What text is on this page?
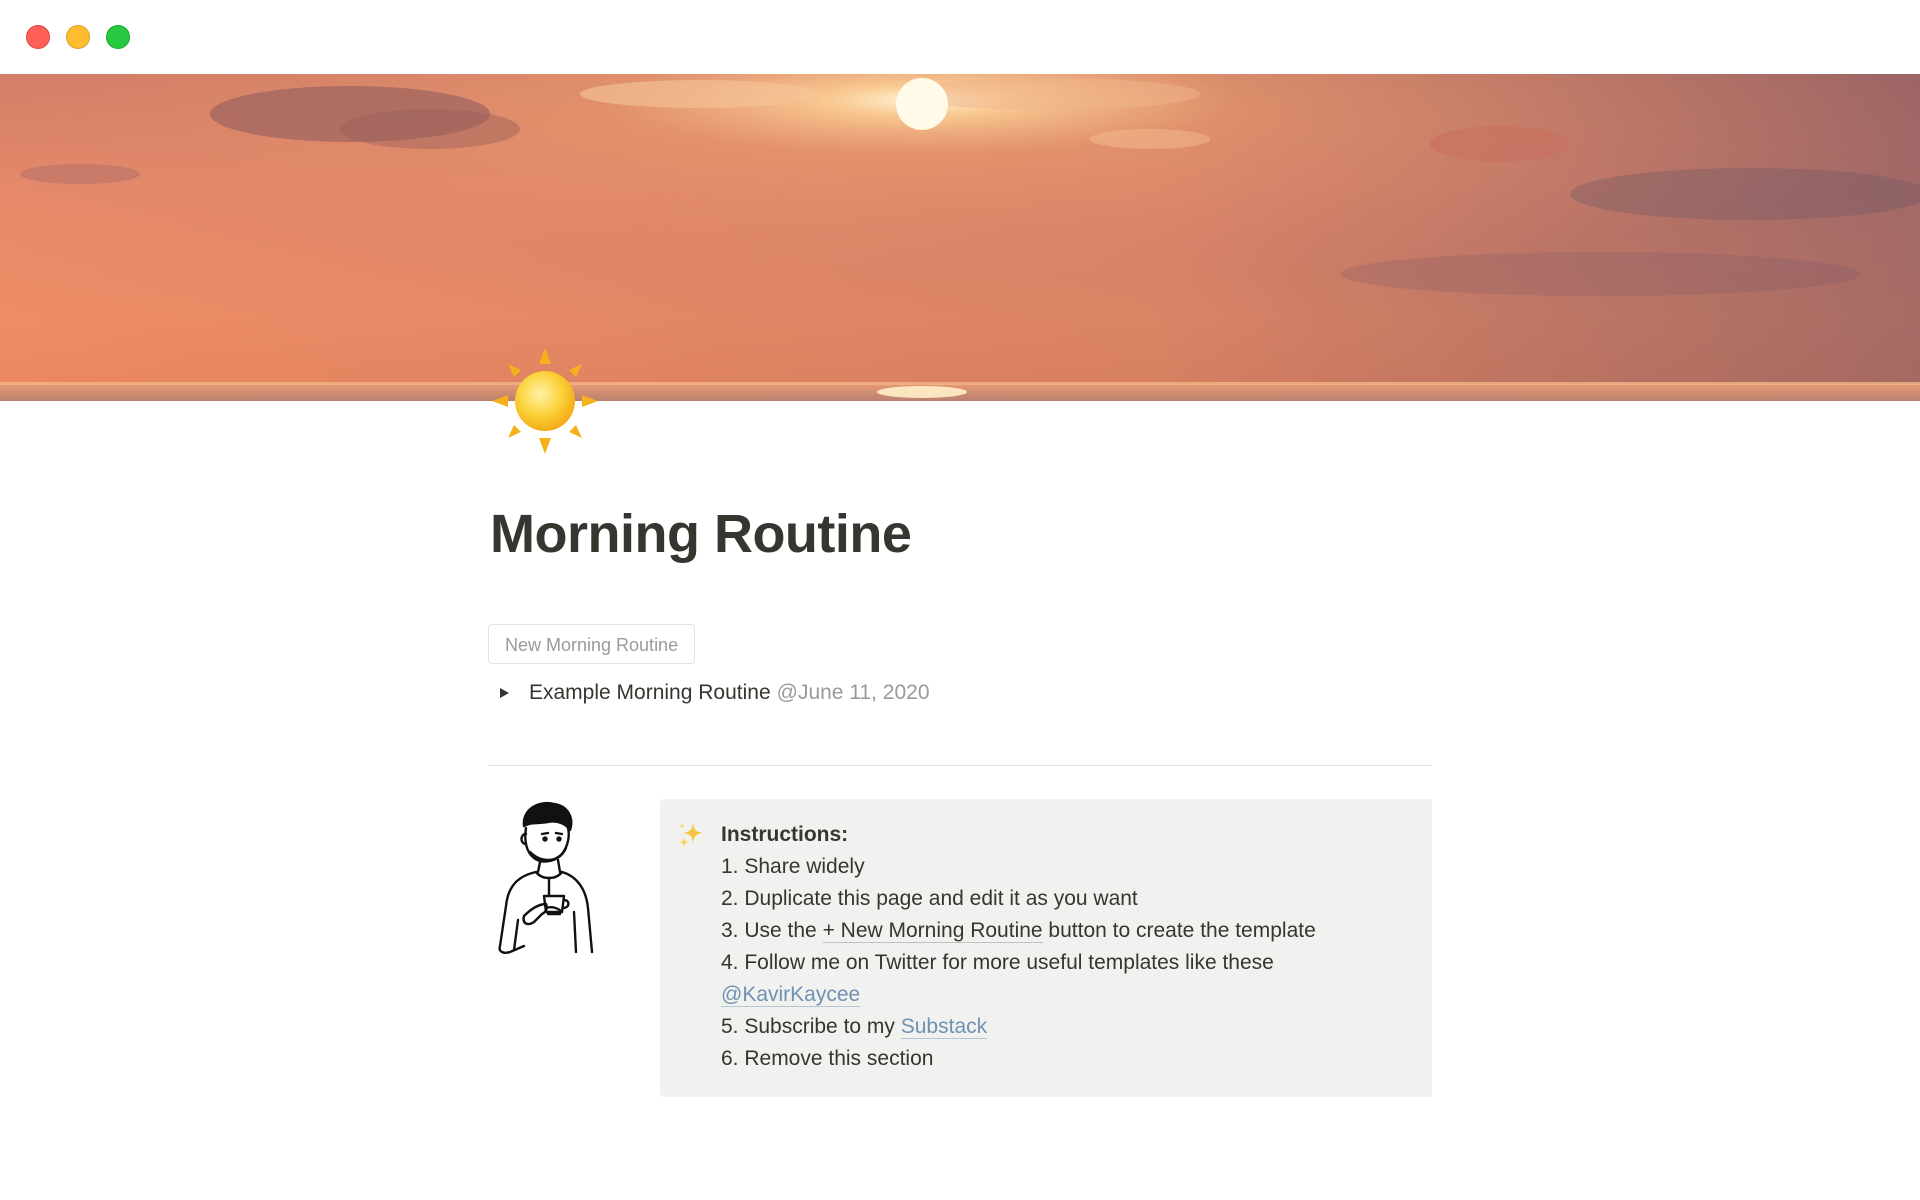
Morning Routine
New Morning Routine
Example Morning Routine @June 11, 2020
Instructions:
1. Share widely
2. Duplicate this page and edit it as you want
3. Use the + New Morning Routine button to create the template
4. Follow me on Twitter for more useful templates like these
@KavirKaycee
5. Subscribe to my Substack
6. Remove this section
